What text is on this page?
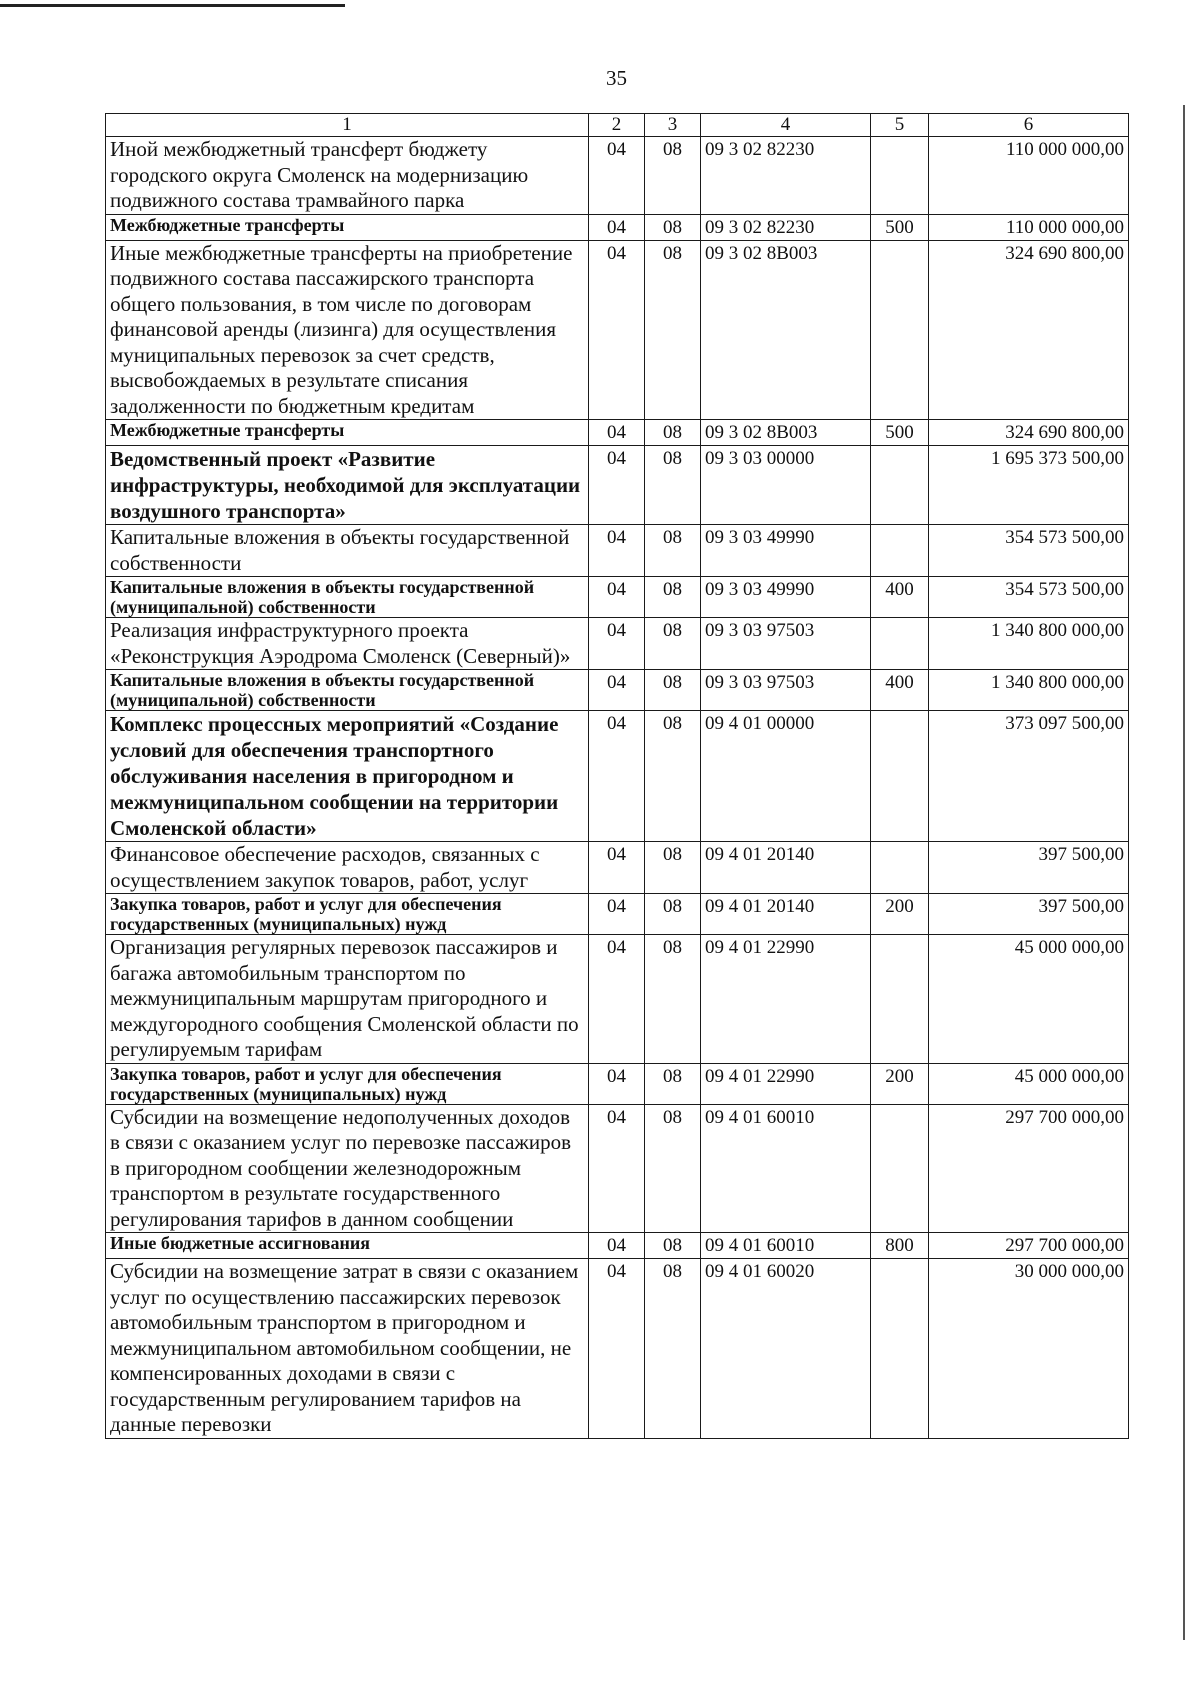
35
1	2	3	4	5	6
Иной межбюджетный трансферт бюджету городского округа Смоленск на модернизацию подвижного состава трамвайного парка	04	08	09 3 02 82230		110 000 000,00
Межбюджетные трансферты	04	08	09 3 02 82230	500	110 000 000,00
Иные межбюджетные трансферты на приобретение подвижного состава пассажирского транспорта общего пользования, в том числе по договорам финансовой аренды (лизинга) для осуществления муниципальных перевозок за счет средств, высвобождаемых в результате списания задолженности по бюджетным кредитам	04	08	09 3 02 8В003		324 690 800,00
Межбюджетные трансферты	04	08	09 3 02 8В003	500	324 690 800,00
Ведомственный проект «Развитие инфраструктуры, необходимой для эксплуатации воздушного транспорта»	04	08	09 3 03 00000		1 695 373 500,00
Капитальные вложения в объекты государственной собственности	04	08	09 3 03 49990		354 573 500,00
Капитальные вложения в объекты государственной (муниципальной) собственности	04	08	09 3 03 49990	400	354 573 500,00
Реализация инфраструктурного проекта «Реконструкция Аэродрома Смоленск (Северный)»	04	08	09 3 03 97503		1 340 800 000,00
Капитальные вложения в объекты государственной (муниципальной) собственности	04	08	09 3 03 97503	400	1 340 800 000,00
Комплекс процессных мероприятий «Создание условий для обеспечения транспортного обслуживания населения в пригородном и межмуниципальном сообщении на территории Смоленской области»	04	08	09 4 01 00000		373 097 500,00
Финансовое обеспечение расходов, связанных с осуществлением закупок товаров, работ, услуг	04	08	09 4 01 20140		397 500,00
Закупка товаров, работ и услуг для обеспечения государственных (муниципальных) нужд	04	08	09 4 01 20140	200	397 500,00
Организация регулярных перевозок пассажиров и багажа автомобильным транспортом по межмуниципальным маршрутам пригородного и междугородного сообщения Смоленской области по регулируемым тарифам	04	08	09 4 01 22990		45 000 000,00
Закупка товаров, работ и услуг для обеспечения государственных (муниципальных) нужд	04	08	09 4 01 22990	200	45 000 000,00
Субсидии на возмещение недополученных доходов в связи с оказанием услуг по перевозке пассажиров в пригородном сообщении железнодорожным транспортом в результате государственного регулирования тарифов в данном сообщении	04	08	09 4 01 60010		297 700 000,00
Иные бюджетные ассигнования	04	08	09 4 01 60010	800	297 700 000,00
Субсидии на возмещение затрат в связи с оказанием услуг по осуществлению пассажирских перевозок автомобильным транспортом в пригородном и межмуниципальном автомобильном сообщении, не компенсированных доходами в связи с государственным регулированием тарифов на данные перевозки	04	08	09 4 01 60020		30 000 000,00
